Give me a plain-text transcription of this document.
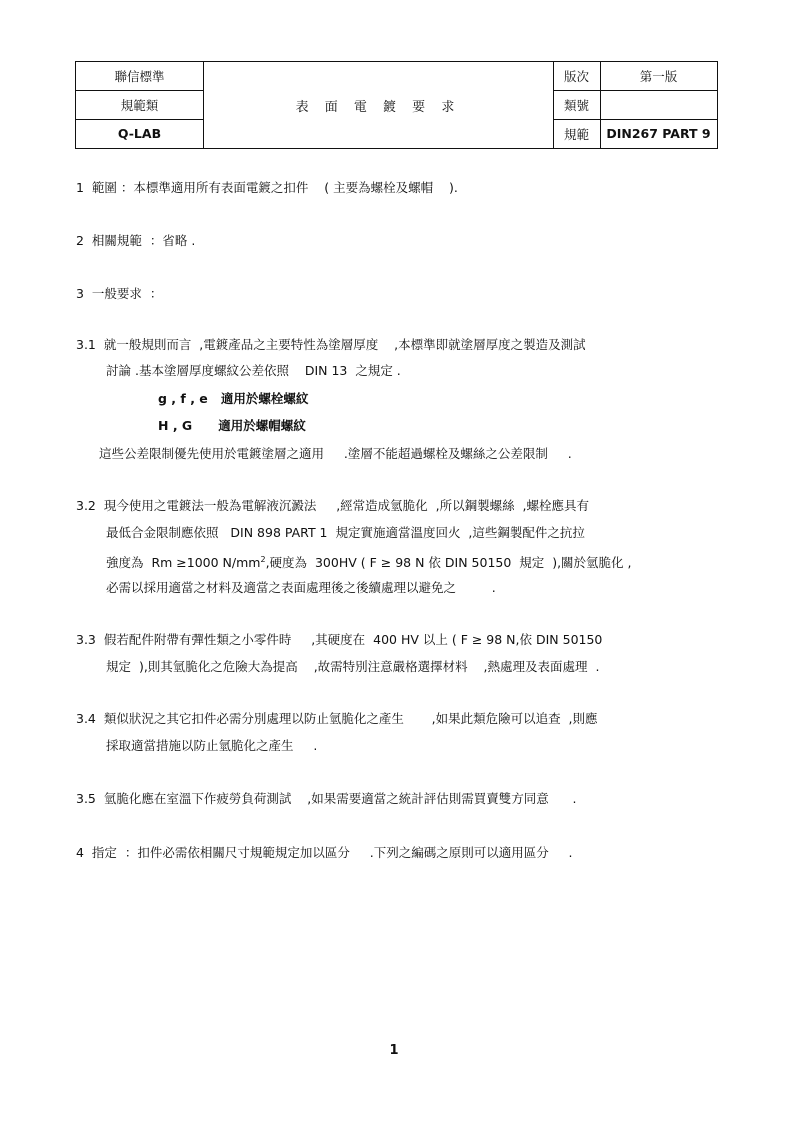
聯信標準
規範類
Q-LAB
表 面 電 鍍 要 求
版次
類號
規範
第一版
DIN267 PART 9
1  範圍 ：本標準適用所有表面電鍍之扣件    ( 主要為螺栓及螺帽    ).
2  相關規範  ：省略 .
3  一般要求  ：
3.1  就一般規則而言  ,電鍍產品之主要特性為塗層厚度    ,本標準即就塗層厚度之製造及測試
討論 .基本塗層厚度螺紋公差依照    DIN 13  之規定 .
g , f , e   適用於螺栓螺紋
H , G      適用於螺帽螺紋
這些公差限制優先使用於電鍍塗層之適用     .塗層不能超過螺栓及螺絲之公差限制     .
3.2  現今使用之電鍍法一般為電解液沉澱法     ,經常造成氫脆化  ,所以鋼製螺絲  ,螺栓應具有
最低合金限制應依照   DIN 898 PART 1  規定實施適當溫度回火  ,這些鋼製配件之抗拉
強度為  Rm ≥1000 $N/mm^2$,硬度為  300HV ( F ≥ 98 N 依 DIN 50150  規定  ),關於氫脆化 ,
必需以採用適當之材料及適當之表面處理後之後續處理以避免之         .
3.3  假若配件附帶有彈性類之小零件時     ,其硬度在  400 HV 以上 ( F ≥ 98 N,依 DIN 50150
規定  ),則其氫脆化之危險大為提高    ,故需特別注意嚴格選擇材料    ,熱處理及表面處理  .
3.4  類似狀況之其它扣件必需分別處理以防止氫脆化之產生       ,如果此類危險可以追查  ,則應
採取適當措施以防止氫脆化之產生     .
3.5  氫脆化應在室溫下作疲勞負荷測試    ,如果需要適當之統計評估則需買賣雙方同意      .
4  指定  ：扣件必需依相關尺寸規範規定加以區分     .下列之編碼之原則可以適用區分     .
1
